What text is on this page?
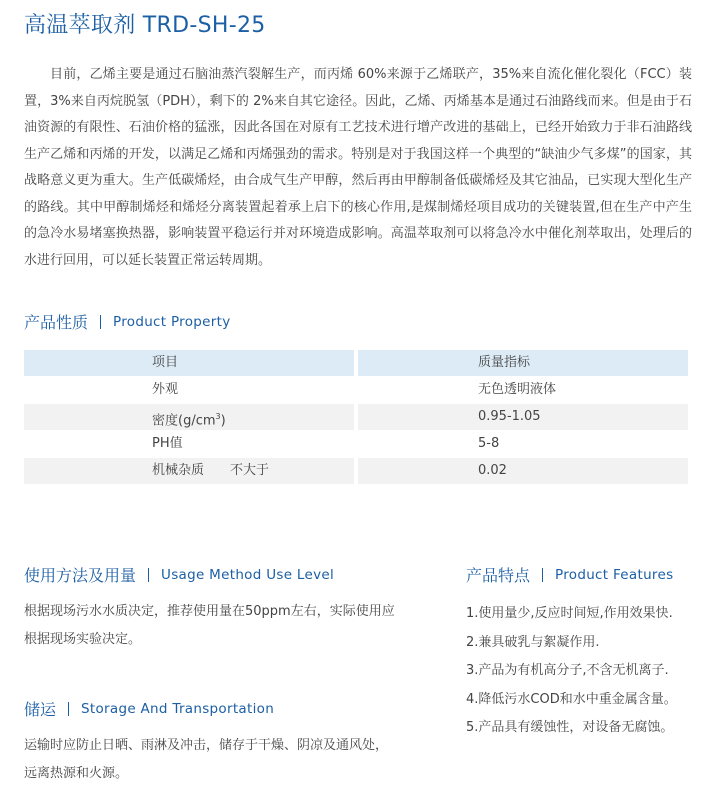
高温萃取剂 TRD-SH-25

目前，乙烯主要是通过石脑油蒸汽裂解生产，而丙烯 60%来源于乙烯联产，35%来自流化催化裂化（FCC）装置，3%来自丙烷脱氢（PDH），剩下的 2%来自其它途径。因此，乙烯、丙烯基本是通过石油路线而来。但是由于石油资源的有限性、石油价格的猛涨，因此各国在对原有工艺技术进行增产改进的基础上，已经开始致力于非石油路线生产乙烯和丙烯的开发，以满足乙烯和丙烯强劲的需求。特别是对于我国这样一个典型的“缺油少气多煤”的国家，其战略意义更为重大。生产低碳烯烃，由合成气生产甲醇，然后再由甲醇制备低碳烯烃及其它油品，已实现大型化生产的路线。其中甲醇制烯烃和烯烃分离装置起着承上启下的核心作用,是煤制烯烃项目成功的关键装置,但在生产中产生的急冷水易堵塞换热器，影响装置平稳运行并对环境造成影响。高温萃取剂可以将急冷水中催化剂萃取出，处理后的水进行回用，可以延长装置正常运转周期。

产品性质 Product Property
项目	质量指标
外观	无色透明液体
密度$(g/cm^3)$	0.95-1.05
PH值	5-8
机械杂质　　不大于	0.02
使用方法及用量 Usage Method Use Level

根据现场污水水质决定，推荐使用量在50ppm左右，实际使用应根据现场实验决定。

储运 Storage And Transportation

运输时应防止日晒、雨淋及冲击，储存于干燥、阴凉及通风处，远离热源和火源。

产品特点 Product Features
1.使用量少,反应时间短,作用效果快.
2.兼具破乳与絮凝作用.
3.产品为有机高分子,不含无机离子.
4.降低污水COD和水中重金属含量。
5.产品具有缓蚀性，对设备无腐蚀。
